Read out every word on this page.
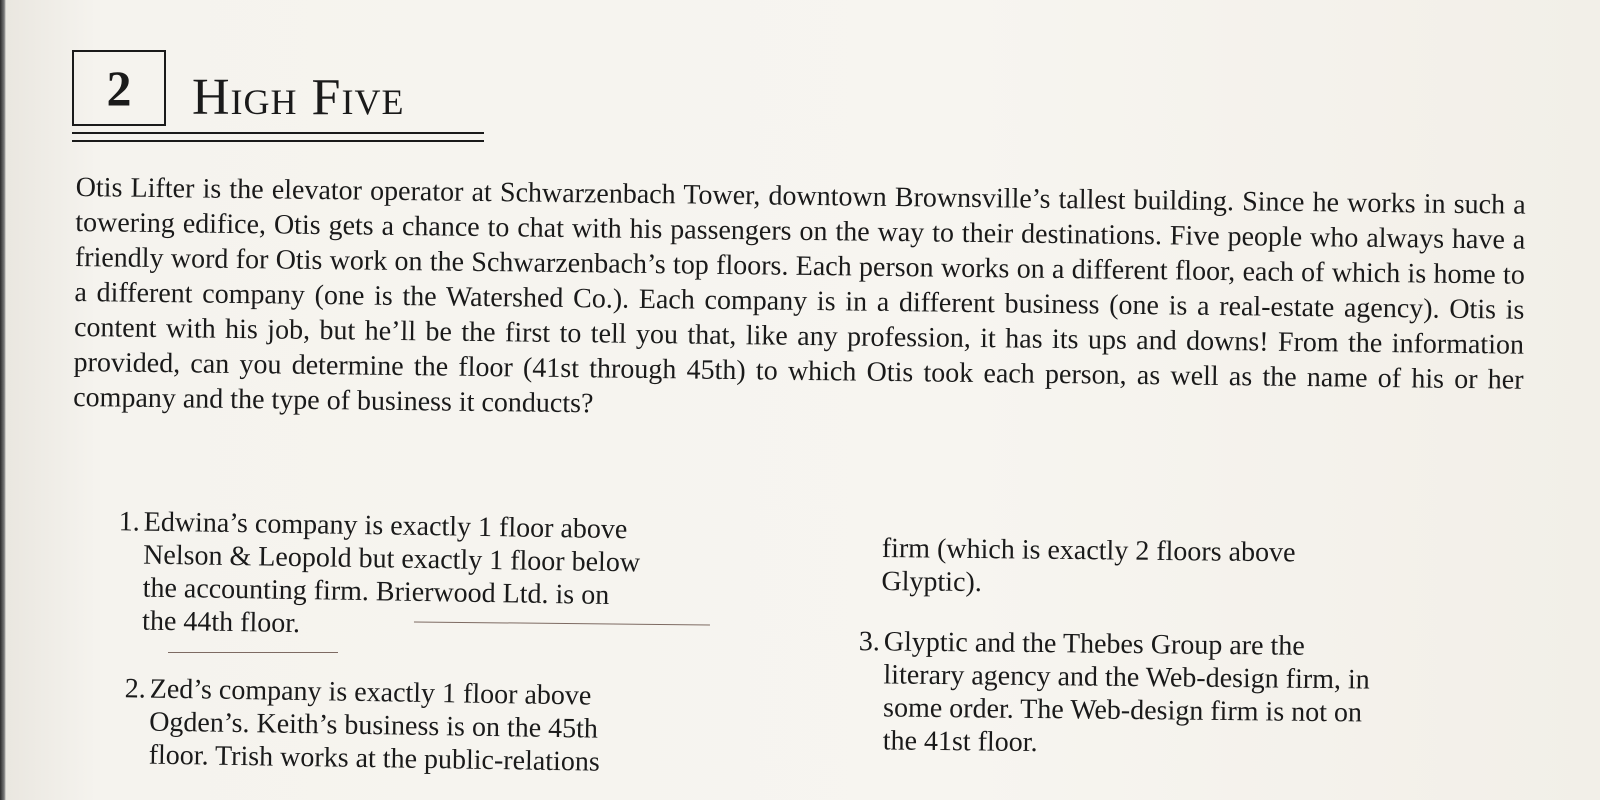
2	High Five
Otis Lifter is the elevator operator at Schwarzenbach Tower, downtown Brownsville’s tallest building. Since he works in such a towering edifice, Otis gets a chance to chat with his passengers on the way to their destinations. Five people who always have a friendly word for Otis work on the Schwarzenbach’s top floors. Each person works on a different floor, each of which is home to a different company (one is the Watershed Co.). Each company is in a different business (one is a real-estate agency). Otis is content with his job, but he’ll be the first to tell you that, like any profession, it has its ups and downs! From the information provided, can you determine the floor (41st through 45th) to which Otis took each person, as well as the name of his or her company and the type of business it conducts?
1. Edwina’s company is exactly 1 floor above
Nelson & Leopold but exactly 1 floor below
the accounting firm. Brierwood Ltd. is on
the 44th floor.
2. Zed’s company is exactly 1 floor above
Ogden’s. Keith’s business is on the 45th
floor. Trish works at the public-relations
firm (which is exactly 2 floors above
Glyptic).
3. Glyptic and the Thebes Group are the
literary agency and the Web-design firm, in
some order. The Web-design firm is not on
the 41st floor.
